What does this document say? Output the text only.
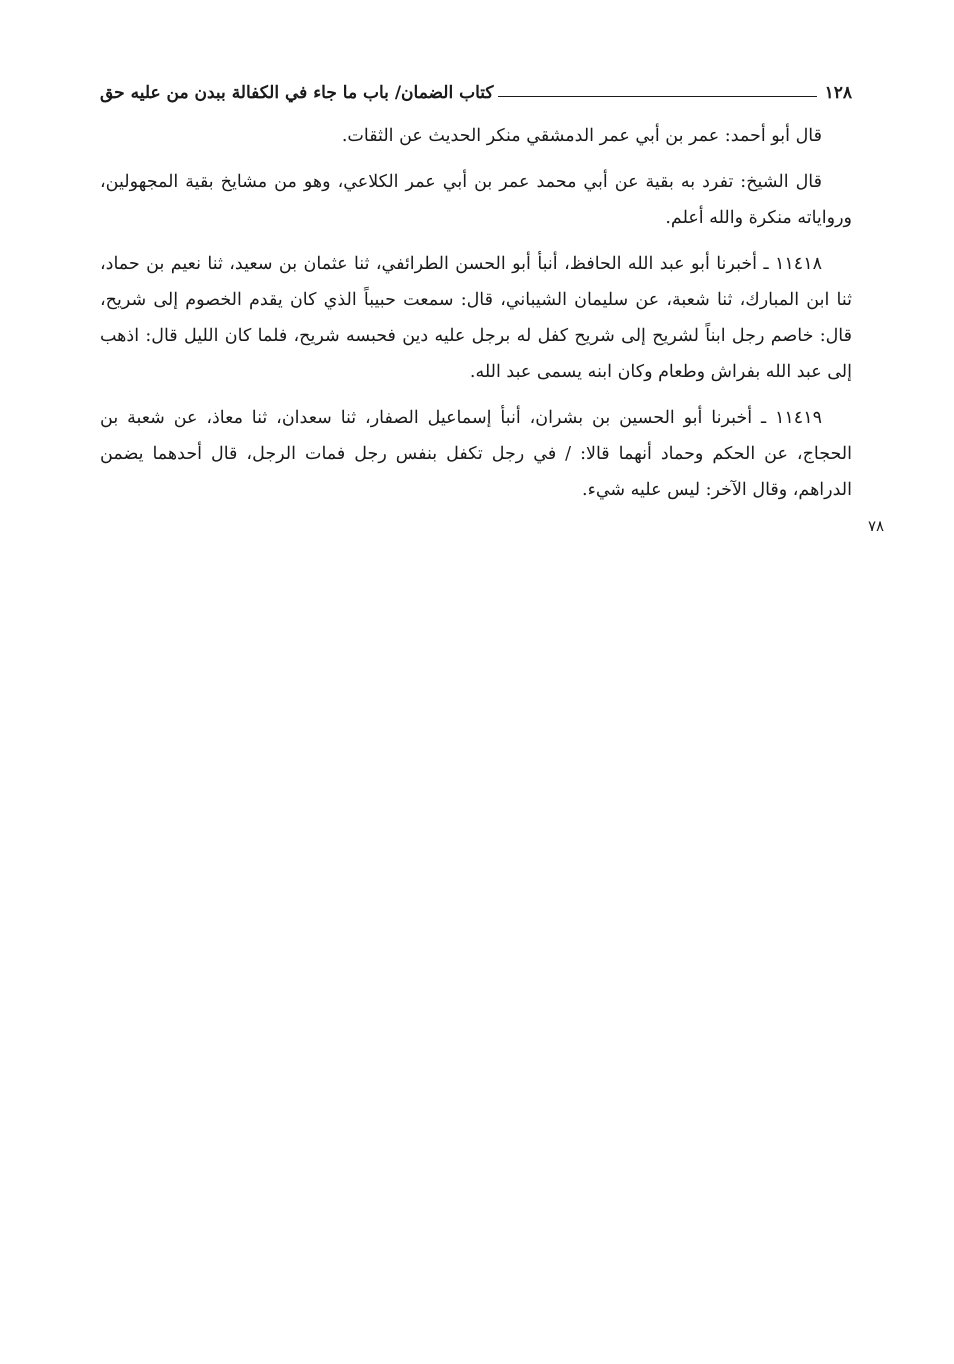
١٢٨
كتاب الضمان/ باب ما جاء في الكفالة ببدن من عليه حق
٧٨

قال أبو أحمد: عمر بن أبي عمر الدمشقي منكر الحديث عن الثقات.

قال الشيخ: تفرد به بقية عن أبي محمد عمر بن أبي عمر الكلاعي، وهو من مشايخ بقية المجهولين، ورواياته منكرة والله أعلم.

١١٤١٨ ـ أخبرنا أبو عبد الله الحافظ، أنبأ أبو الحسن الطرائفي، ثنا عثمان بن سعيد، ثنا نعيم بن حماد، ثنا ابن المبارك، ثنا شعبة، عن سليمان الشيباني، قال: سمعت حبيباً الذي كان يقدم الخصوم إلى شريح، قال: خاصم رجل ابناً لشريح إلى شريح كفل له برجل عليه دين فحبسه شريح، فلما كان الليل قال: اذهب إلى عبد الله بفراش وطعام وكان ابنه يسمى عبد الله.

١١٤١٩ ـ أخبرنا أبو الحسين بن بشران، أنبأ إسماعيل الصفار، ثنا سعدان، ثنا معاذ، عن شعبة بن الحجاج، عن الحكم وحماد أنهما قالا: / في رجل تكفل بنفس رجل فمات الرجل، قال أحدهما يضمن الدراهم، وقال الآخر: ليس عليه شيء.
